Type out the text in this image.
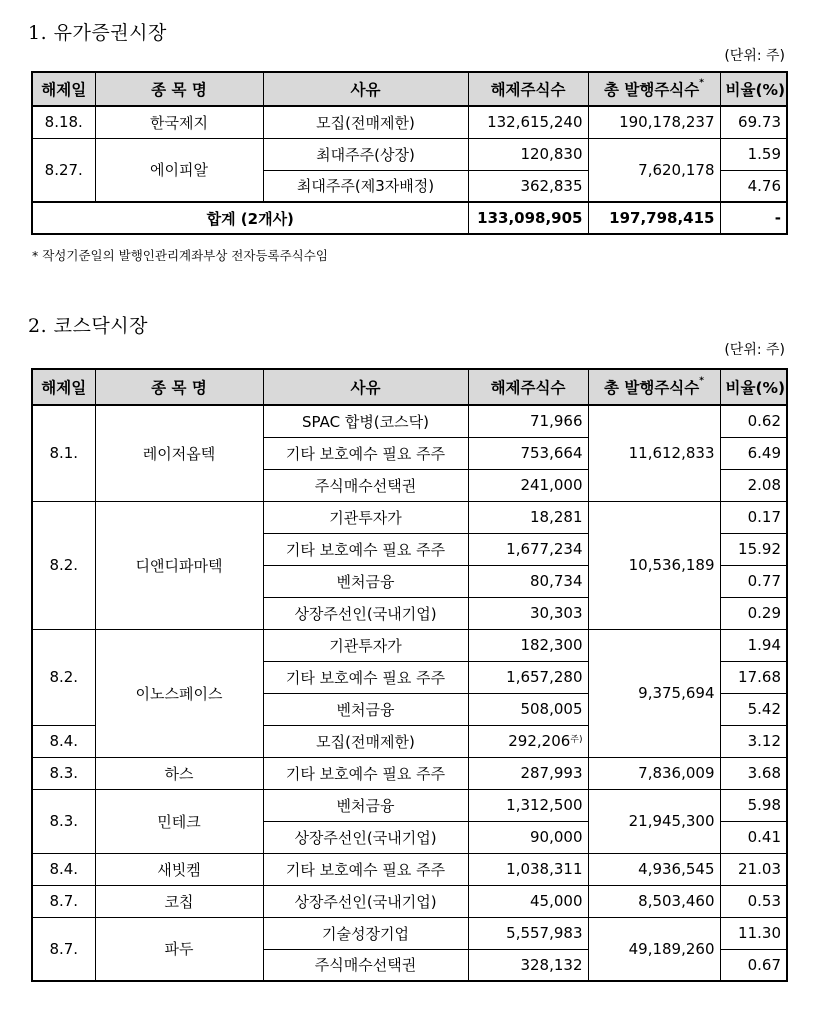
1. 유가증권시장
(단위: 주)
해제일	종 목 명	사유	해제주식수	총 발행주식수*	비율(%)
8.18.	한국제지	모집(전매제한)	132,615,240	190,178,237	69.73
8.27.	에이피알	최대주주(상장)	120,830	7,620,178	1.59
		최대주주(제3자배정)	362,835		4.76
합계 (2개사)			133,098,905	197,798,415	-
* 작성기준일의 발행인관리계좌부상 전자등록주식수임
2. 코스닥시장
(단위: 주)
해제일	종 목 명	사유	해제주식수	총 발행주식수*	비율(%)
8.1.	레이저옵텍	SPAC 합병(코스닥)	71,966	11,612,833	0.62
		기타 보호예수 필요 주주	753,664		6.49
		주식매수선택권	241,000		2.08
8.2.	디앤디파마텍	기관투자가	18,281	10,536,189	0.17
		기타 보호예수 필요 주주	1,677,234		15.92
		벤처금융	80,734		0.77
		상장주선인(국내기업)	30,303		0.29
8.2.	이노스페이스	기관투자가	182,300	9,375,694	1.94
		기타 보호예수 필요 주주	1,657,280		17.68
		벤처금융	508,005		5.42
8.4.		모집(전매제한)	$292,206^{주)}$		3.12
8.3.	하스	기타 보호예수 필요 주주	287,993	7,836,009	3.68
8.3.	민테크	벤처금융	1,312,500	21,945,300	5.98
		상장주선인(국내기업)	90,000		0.41
8.4.	새빗켐	기타 보호예수 필요 주주	1,038,311	4,936,545	21.03
8.7.	코칩	상장주선인(국내기업)	45,000	8,503,460	0.53
8.7.	파두	기술성장기업	5,557,983	49,189,260	11.30
		주식매수선택권	328,132		0.67
